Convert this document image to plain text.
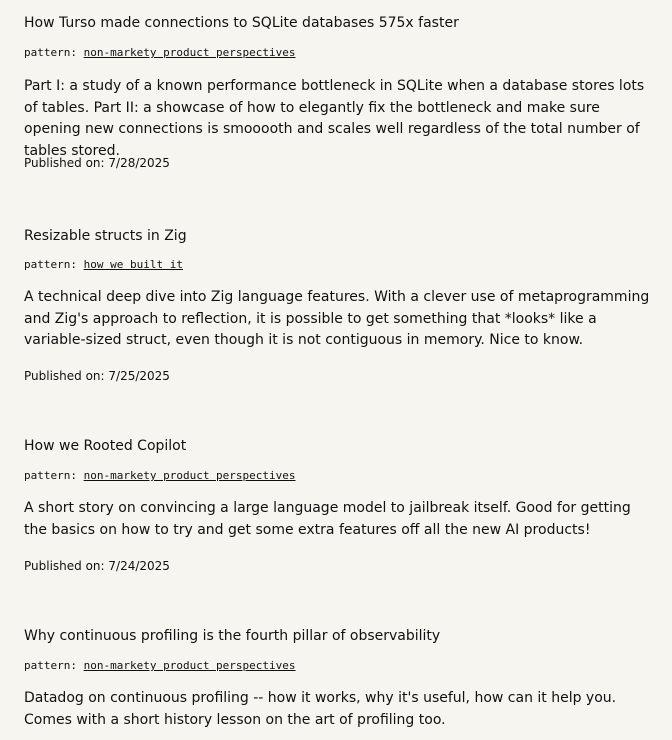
How Turso made connections to SQLite databases 575x faster

pattern: non-markety product perspectives

Part I: a study of a known performance bottleneck in SQLite when a database stores lots of tables. Part II: a showcase of how to elegantly fix the bottleneck and make sure opening new connections is smooooth and scales well regardless of the total number of tables stored.

Published on: 7/28/2025

Resizable structs in Zig

pattern: how we built it

A technical deep dive into Zig language features. With a clever use of metaprogramming and Zig's approach to reflection, it is possible to get something that *looks* like a variable-sized struct, even though it is not contiguous in memory. Nice to know.

Published on: 7/25/2025

How we Rooted Copilot

pattern: non-markety product perspectives

A short story on convincing a large language model to jailbreak itself. Good for getting the basics on how to try and get some extra features off all the new AI products!

Published on: 7/24/2025

Why continuous profiling is the fourth pillar of observability

pattern: non-markety product perspectives

Datadog on continuous profiling -- how it works, why it's useful, how can it help you. Comes with a short history lesson on the art of profiling too.
